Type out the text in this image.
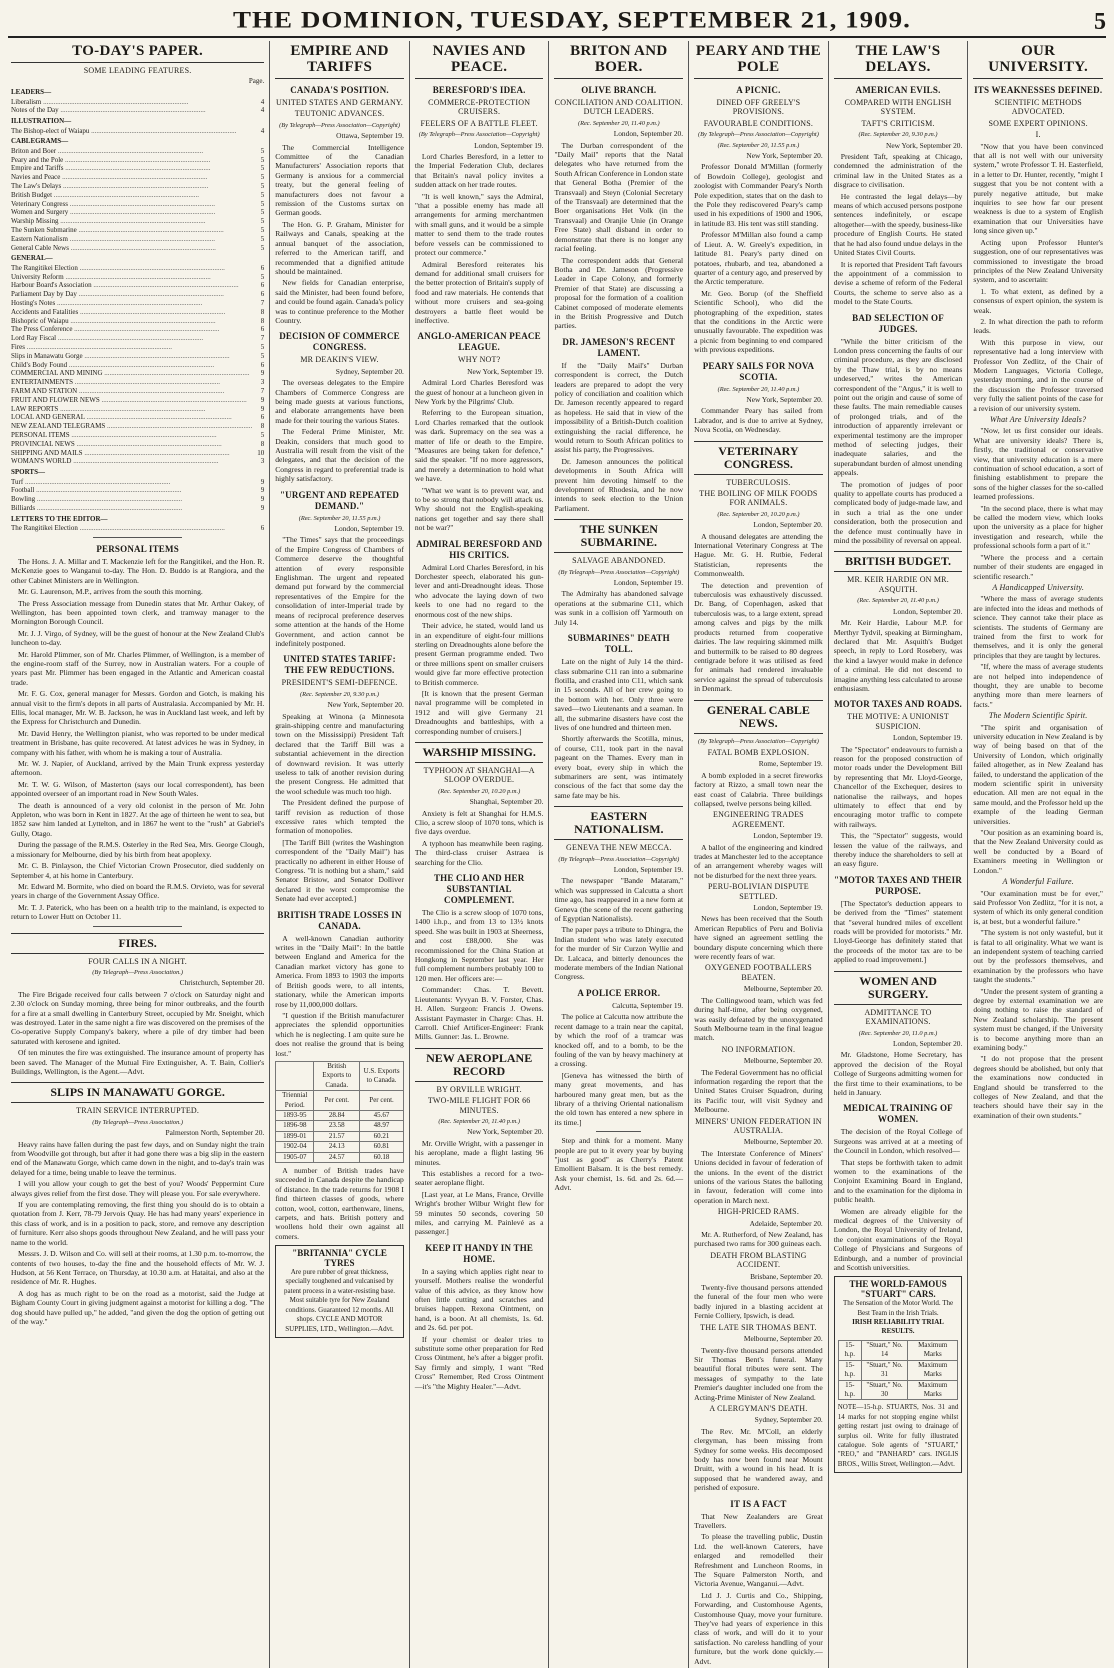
THE DOMINION, TUESDAY, SEPTEMBER 21, 1909.	5
TO-DAY'S PAPER.
SOME LEADING FEATURES.
Page.
LEADERS—
Liberalism .....	4
Notes of the Day .....	4
ILLUSTRATION—
The Bishop-elect of Waiapu .....	4
CABLEGRAMS—
Briton and Boer .....	5
Peary and the Pole .....	5
Empire and Tariffs .....	5
Navies and Peace .....	5
The Law's Delays .....	5
British Budget .....	5
Veterinary Congress .....	5
Women and Surgery .....	5
Warship Missing .....	5
The Sunken Submarine .....	5
Eastern Nationalism .....	5
General Cable News .....	5
GENERAL—
The Rangitikei Election .....	6
University Reform .....	5
Harbour Board's Association .....	6
Parliament Day by Day .....	6
Hosting's Notes .....	7
Accidents and Fatalities .....	8
Bishopric of Waiapu .....	8
The Press Conference .....	6
Lord Ray Fiscal .....	7
Fires .....	5
Slips in Manawatu Gorge .....	5
Child's Body Found .....	6
COMMERCIAL AND MINING .....	9
ENTERTAINMENTS .....	3
FARM AND STATION .....	7
FRUIT AND FLOWER NEWS .....	9
LAW REPORTS .....	9
LOCAL AND GENERAL .....	6
NEW ZEALAND TELEGRAMS .....	8
PERSONAL ITEMS .....	5
PROVINCIAL NEWS .....	8
SHIPPING AND MAILS .....	10
WOMAN'S WORLD .....	3
SPORTS—
Turf .....	9
Football .....	9
Bowling .....	9
Billiards .....	9
LETTERS TO THE EDITOR—
The Rangitikei Election .....	6
PERSONAL ITEMS

The Hons. J. A. Millar and T. Mackenzie left for the Rangitikei, and the Hon. R. McKenzie goes to Wanganui to-day. The Hon. D. Buddo is at Rangiora, and the other Cabinet Ministers are in Wellington.

Mr. G. Laurenson, M.P., arrives from the south this morning.

The Press Association message from Dunedin states that Mr. Arthur Oakey, of Wellington, has been appointed town clerk, and tramway manager to the Mornington Borough Council.

Mr. J. J. Virgo, of Sydney, will be the guest of honour at the New Zealand Club's luncheon to-day.

Mr. Harold Plimmer, son of Mr. Charles Plimmer, of Wellington, is a member of the engine-room staff of the Surrey, now in Australian waters. For a couple of years past Mr. Plimmer has been engaged in the Atlantic and American coastal trade.

Mr. F. G. Cox, general manager for Messrs. Gordon and Gotch, is making his annual visit to the firm's depots in all parts of Australasia. Accompanied by Mr. H. Ellis, local manager, Mr. W. B. Jackson, he was in Auckland last week, and left by the Express for Christchurch and Dunedin.

Mr. David Henry, the Wellington pianist, who was reported to be under medical treatment in Brisbane, has quite recovered. At latest advices he was in Sydney, in company with his father, with whom he is making a tour of Australia.

Mr. W. J. Napier, of Auckland, arrived by the Main Trunk express yesterday afternoon.

Mr. T. W. G. Wilson, of Masterton (says our local correspondent), has been appointed overseer of an important road in New South Wales.

The death is announced of a very old colonist in the person of Mr. John Appleton, who was born in Kent in 1827. At the age of thirteen he went to sea, but 1852 saw him landed at Lyttelton, and in 1867 he went to the "rush" at Gabriel's Gully, Otago.

During the passage of the R.M.S. Osterley in the Red Sea, Mrs. George Clough, a missionary for Melbourne, died by his birth from heat apoplexy.

Mr. C. B. Pinlayson, the Chief Victorian Crown Prosecutor, died suddenly on September 4, at his home in Canterbury.

Mr. Edward M. Bormite, who died on board the R.M.S. Orvieto, was for several years in charge of the Government Assay Office.

Mr. T. J. Paterick, who has been on a health trip to the mainland, is expected to return to Lower Hutt on October 11.

FIRES.
FOUR CALLS IN A NIGHT.
(By Telegraph—Press Association.)
Christchurch, September 20.

The Fire Brigade received four calls between 7 o'clock on Saturday night and 2.30 o'clock on Sunday morning, three being for minor outbreaks, and the fourth for a fire at a small dwelling in Canterbury Street, occupied by Mr. Sneight, which was destroyed. Later in the same night a fire was discovered on the premises of the Co-operative Supply Company's bakery, where a pile of dry timber had been saturated with kerosene and ignited.

Of ten minutes the fire was extinguished. The insurance amount of property has been saved. The Manager of the Mutual Fire Extinguisher, A. T. Bain, Collier's Buildings, Wellington, is the Agent.—Advt.

SLIPS IN MANAWATU GORGE.
TRAIN SERVICE INTERRUPTED.
(By Telegraph—Press Association.)
Palmerston North, September 20.

Heavy rains have fallen during the past few days, and on Sunday night the train from Woodville got through, but after it had gone there was a big slip in the eastern end of the Manawatu Gorge, which came down in the night, and to-day's train was delayed for a time, being unable to leave the terminus.

I will you allow your cough to get the best of you? Woods' Peppermint Cure always gives relief from the first dose. They will please you. For sale everywhere.

If you are contemplating removing, the first thing you should do is to obtain a quotation from J. Kerr, 78-79 Jervois Quay. He has had many years' experience in this class of work, and is in a position to pack, store, and remove any description of furniture. Kerr also shops goods throughout New Zealand, and he will pass your name to the world.

Messrs. J. D. Wilson and Co. will sell at their rooms, at 1.30 p.m. to-morrow, the contents of two houses, to-day the fine and the household effects of Mr. W. J. Hudson, at 56 Kent Terrace, on Thursday, at 10.30 a.m. at Hataitai, and also at the residence of Mr. R. Hughes.

A dog has as much right to be on the road as a motorist, said the Judge at Bigham County Court in giving judgment against a motorist for killing a dog. "The dog should have pulled up," he added, "and given the dog the option of getting out of the way."

EMPIRE AND TARIFFS
CANADA'S POSITION.
UNITED STATES AND GERMANY.
TEUTONIC ADVANCES.
(By Telegraph—Press Association—Copyright)
Ottawa, September 19.

The Commercial Intelligence Committee of the Canadian Manufacturers' Association reports that Germany is anxious for a commercial treaty, but the general feeling of manufacturers does not favour a remission of the Customs surtax on German goods.

The Hon. G. P. Graham, Minister for Railways and Canals, speaking at the annual banquet of the association, referred to the American tariff, and recommended that a dignified attitude should be maintained.

New fields for Canadian enterprise, said the Minister, had been found before, and could be found again. Canada's policy was to continue preference to the Mother Country.

DECISION OF COMMERCE CONGRESS.
MR DEAKIN'S VIEW.
Sydney, September 20.

The overseas delegates to the Empire Chambers of Commerce Congress are being made guests at various functions, and elaborate arrangements have been made for their touring the various States.

The Federal Prime Minister, Mr. Deakin, considers that much good to Australia will result from the visit of the delegates, and that the decision of the Congress in regard to preferential trade is highly satisfactory.

"URGENT AND REPEATED DEMAND."
(Rec. September 20, 11.55 p.m.)
London, September 19.

"The Times" says that the proceedings of the Empire Congress of Chambers of Commerce deserve the thoughtful attention of every responsible Englishman. The urgent and repeated demand put forward by the commercial representatives of the Empire for the consolidation of inter-Imperial trade by means of reciprocal preference deserves some attention at the hands of the Home Government, and action cannot be indefinitely postponed.

UNITED STATES TARIFF: THE FEW REDUCTIONS.
PRESIDENT'S SEMI-DEFENCE.
(Rec. September 20, 9.30 p.m.)
New York, September 20.

Speaking at Winona (a Minnesota grain-shipping centre and manufacturing town on the Mississippi) President Taft declared that the Tariff Bill was a substantial achievement in the direction of downward revision. It was utterly useless to talk of another revision during the present Congress. He admitted that the wool schedule was much too high.

The President defined the purpose of tariff revision as reduction of those excessive rates which tempted the formation of monopolies.

[The Tariff Bill (writes the Washington correspondent of the "Daily Mail") has practically no adherent in either House of Congress. "It is nothing but a sham," said Senator Bristow, and Senator Dolliver declared it the worst compromise the Senate had ever accepted.]

BRITISH TRADE LOSSES IN CANADA.

A well-known Canadian authority writes in the "Daily Mail": In the battle between England and America for the Canadian market victory has gone to America. From 1893 to 1903 the imports of British goods were, to all intents, stationary, while the American imports rose by 11,000,000 dollars.

"I question if the British manufacturer appreciates the splendid opportunities which he is neglecting. I am quite sure he does not realise the ground that is being lost."

	British Exports to Canada.	U.S. Exports to Canada.
Triennial Period.	Per cent.	Per cent.
1893-95	28.84	45.67
1896-98	23.58	48.97
1899-01	21.57	60.21
1902-04	24.13	60.81
1905-07	24.57	60.18

A number of British trades have succeeded in Canada despite the handicap of distance. In the trade returns for 1908 I find thirteen classes of goods, where cotton, wool, cotton, earthenware, linens, carpets, and hats. British pottery and woollens hold their own against all comers.

"BRITANNIA" CYCLE TYRES
Are pure rubber of great thickness, specially toughened and vulcanised by patent process in a water-resisting base. Most suitable tyre for New Zealand conditions. Guaranteed 12 months. All shops. CYCLE AND MOTOR SUPPLIES, LTD., Wellington.—Advt.
NAVIES AND PEACE.
BERESFORD'S IDEA.
COMMERCE-PROTECTION CRUISERS.
FEELERS OF A BATTLE FLEET.
(By Telegraph—Press Association—Copyright)
London, September 19.

Lord Charles Beresford, in a letter to the Imperial Federation Club, declares that Britain's naval policy invites a sudden attack on her trade routes.

"It is well known," says the Admiral, "that a possible enemy has made all arrangements for arming merchantmen with small guns, and it would be a simple matter to send them to the trade routes before vessels can be commissioned to protect our commerce."

Admiral Beresford reiterates his demand for additional small cruisers for the better protection of Britain's supply of food and raw materials. He contends that without more cruisers and sea-going destroyers a battle fleet would be ineffective.

ANGLO-AMERICAN PEACE LEAGUE.
WHY NOT?
New York, September 19.

Admiral Lord Charles Beresford was the guest of honour at a luncheon given in New York by the Pilgrims' Club.

Referring to the European situation, Lord Charles remarked that the outlook was dark. Supremacy on the sea was a matter of life or death to the Empire. "Measures are being taken for defence," said the speaker. "If no more aggressors, and merely a determination to hold what we have.

"What we want is to prevent war, and to be so strong that nobody will attack us. Why should not the English-speaking nations get together and say there shall not be war?"

ADMIRAL BERESFORD AND HIS CRITICS.

Admiral Lord Charles Beresford, in his Dorchester speech, elaborated his gun-lever and anti-Dreadnought ideas. Those who advocate the laying down of two keels to one had no regard to the enormous cost of the new ships.

Their advice, he stated, would land us in an expenditure of eight-four millions sterling on Dreadnoughts alone before the present German programme ended. Two or three millions spent on smaller cruisers would give far more effective protection to British commerce.

[It is known that the present German naval programme will be completed in 1912 and will give Germany 21 Dreadnoughts and battleships, with a corresponding number of cruisers.]

WARSHIP MISSING.
TYPHOON AT SHANGHAI—A SLOOP OVERDUE.
(Rec. September 20, 10.20 p.m.)
Shanghai, September 20.

Anxiety is felt at Shanghai for H.M.S. Clio, a screw sloop of 1070 tons, which is five days overdue.

A typhoon has meanwhile been raging. The third-class cruiser Astraea is searching for the Clio.

THE CLIO AND HER SUBSTANTIAL COMPLEMENT.

The Clio is a screw sloop of 1070 tons, 1400 i.h.p., and from 13 to 13½ knots speed. She was built in 1903 at Sheerness, and cost £88,000. She was recommissioned for the China Station at Hongkong in September last year. Her full complement numbers probably 100 to 120 men. Her officers are:—

Commander: Chas. T. Bevett. Lieutenants: Vyvyan B. V. Forster, Chas. H. Allen. Surgeon: Francis J. Owens. Assistant Paymaster in Charge: Chas. H. Carroll. Chief Artificer-Engineer: Frank Mills. Gunner: Jas. L. Browne.

NEW AEROPLANE RECORD
BY ORVILLE WRIGHT.
TWO-MILE FLIGHT FOR 66 MINUTES.
(Rec. September 20, 11.40 p.m.)
New York, September 20.

Mr. Orville Wright, with a passenger in his aeroplane, made a flight lasting 96 minutes.

This establishes a record for a two-seater aeroplane flight.

[Last year, at Le Mans, France, Orville Wright's brother Wilbur Wright flew for 59 minutes 50 seconds, covering 50 miles, and carrying M. Painlevé as a passenger.]

KEEP IT HANDY IN THE HOME.

In a saying which applies right near to yourself. Mothers realise the wonderful value of this advice, as they know how often little cutting and scratches and bruises happen. Rexona Ointment, on hand, is a boon. At all chemists, 1s. 6d. and 2s. 6d. per pot.

If your chemist or dealer tries to substitute some other preparation for Red Cross Ointment, he's after a bigger profit. Say firmly and simply, I want "Red Cross" Remember, Red Cross Ointment—it's "the Mighty Healer."—Advt.

BRITON AND BOER.
OLIVE BRANCH.
CONCILIATION AND COALITION. DUTCH LEADERS.
(Rec. September 20, 11.40 p.m.)
London, September 20.

The Durban correspondent of the "Daily Mail" reports that the Natal delegates who have returned from the South African Conference in London state that General Botha (Premier of the Transvaal) and Steyn (Colonial Secretary of the Transvaal) are determined that the Boer organisations Het Volk (in the Transvaal) and Oranjie Unie (in Orange Free State) shall disband in order to demonstrate that there is no longer any racial feeling.

The correspondent adds that General Botha and Dr. Jameson (Progressive Leader in Cape Colony, and formerly Premier of that State) are discussing a proposal for the formation of a coalition Cabinet composed of moderate elements in the British Progressive and Dutch parties.

DR. JAMESON'S RECENT LAMENT.

If the "Daily Mail's" Durban correspondent is correct, the Dutch leaders are prepared to adopt the very policy of conciliation and coalition which Dr. Jameson recently appeared to regard as hopeless. He said that in view of the impossibility of a British-Dutch coalition extinguishing the racial difference, he would return to South African politics to assist his party, the Progressives.

Dr. Jameson announces the political developments in South Africa will prevent him devoting himself to the development of Rhodesia, and he now intends to seek election to the Union Parliament.

THE SUNKEN SUBMARINE.
SALVAGE ABANDONED.
(By Telegraph—Press Association—Copyright)
London, September 19.

The Admiralty has abandoned salvage operations at the submarine C11, which was sunk in a collision off Yarmouth on July 14.

SUBMARINES" DEATH TOLL.

Late on the night of July 14 the third-class submarine C11 ran into a submarine flotilla, and crashed into C11, which sank in 15 seconds. All of her crew going to the bottom with her. Only three were saved—two Lieutenants and a seaman. In all, the submarine disasters have cost the lives of one hundred and thirteen men.

Shortly afterwards the Scotilla, minus, of course, C11, took part in the naval pageant on the Thames. Every man in every boat, every ship in which the submariners are sent, was intimately conscious of the fact that some day the same fate may be his.

EASTERN NATIONALISM.
GENEVA THE NEW MECCA.
(By Telegraph—Press Association—Copyright)
London, September 19.

The newspaper "Bande Mataram," which was suppressed in Calcutta a short time ago, has reappeared in a new form at Geneva (the scene of the recent gathering of Egyptian Nationalists).

The paper pays a tribute to Dhingra, the Indian student who was lately executed for the murder of Sir Curzon Wyllie and Dr. Lalcaca, and bitterly denounces the moderate members of the Indian National Congress.

A POLICE ERROR.
Calcutta, September 19.

The police at Calcutta now attribute the recent damage to a train near the capital, by which the roof of a tramcar was knocked off, and to a bomb, to be the fouling of the van by heavy machinery at a crossing.

[Geneva has witnessed the birth of many great movements, and has harboured many great men, but as the library of a thriving Oriental nationalism the old town has entered a new sphere in its time.]

Step and think for a moment. Many people are put to it every year by buying "just as good" as Cherry's Patent Emollient Balsam. It is the best remedy. Ask your chemist, 1s. 6d. and 2s. 6d.—Advt.

PEARY AND THE POLE
A PICNIC.
DINED OFF GREELY'S PROVISIONS.
FAVOURABLE CONDITIONS.
(By Telegraph—Press Association—Copyright)
(Rec. September 20, 11.55 p.m.)
New York, September 20.

Professor Donald M'Millan (formerly of Bowdoin College), geologist and zoologist with Commander Peary's North Pole expedition, states that on the dash to the Pole they rediscovered Peary's camp used in his expeditions of 1900 and 1906, in latitude 83. His tent was still standing.

Professor M'Millan also found a camp of Lieut. A. W. Greely's expedition, in latitude 81. Peary's party dined on potatoes, rhubarb, and tea, abandoned a quarter of a century ago, and preserved by the Arctic temperature.

Mr. Geo. Borup (of the Sheffield Scientific School), who did the photographing of the expedition, states that the conditions in the Arctic were unusually favourable. The expedition was a picnic from beginning to end compared with previous expeditions.

PEARY SAILS FOR NOVA SCOTIA.
(Rec. September 20, 11.40 p.m.)
New York, September 20.

Commander Peary has sailed from Labrador, and is due to arrive at Sydney, Nova Scotia, on Wednesday.

VETERINARY CONGRESS.
TUBERCULOSIS.
THE BOILING OF MILK FOODS FOR ANIMALS.
(Rec. September 20, 10.20 p.m.)
London, September 20.

A thousand delegates are attending the International Veterinary Congress at The Hague. Mr. G. H. Rutbie, Federal Statistician, represents the Commonwealth.

The detection and prevention of tuberculosis was exhaustively discussed. Dr. Bang, of Copenhagen, asked that tuberculosis was, to a large extent, spread among calves and pigs by the milk products returned from cooperative dairies. The law requiring skimmed milk and buttermilk to be raised to 80 degrees centigrade before it was utilised as feed for animals had rendered invaluable service against the spread of tuberculosis in Denmark.

GENERAL CABLE NEWS.
(By Telegraph—Press Association—Copyright)
FATAL BOMB EXPLOSION.
Rome, September 19.

A bomb exploded in a secret fireworks factory at Rizzo, a small town near the east coast of Calabria. Three buildings collapsed, twelve persons being killed.

ENGINEERING TRADES AGREEMENT.
London, September 19.

A ballot of the engineering and kindred trades at Manchester led to the acceptance of an arrangement whereby wages will not be disturbed for the next three years.

PERU-BOLIVIAN DISPUTE SETTLED.
London, September 19.

News has been received that the South American Republics of Peru and Bolivia have signed an agreement settling the boundary dispute concerning which there were recently fears of war.

OXYGENED FOOTBALLERS BEATEN.
Melbourne, September 20.

The Collingwood team, which was fed during half-time, after being oxygened, was easily defeated by the unoxygenated South Melbourne team in the final league match.

NO INFORMATION.
Melbourne, September 20.

The Federal Government has no official information regarding the report that the United States Cruiser Squadron, during its Pacific tour, will visit Sydney and Melbourne.

MINERS' UNION FEDERATION IN AUSTRALIA.
Melbourne, September 20.

The Interstate Conference of Miners' Unions decided in favour of federation of the unions. In the event of the district unions of the various States the balloting in favour, federation will come into operation in March next.

HIGH-PRICED RAMS.
Adelaide, September 20.

Mr. A. Rutherford, of New Zealand, has purchased two rams for 300 guineas each.

DEATH FROM BLASTING ACCIDENT.
Brisbane, September 20.

Twenty-five thousand persons attended the funeral of the four men who were badly injured in a blasting accident at Fernie Colliery, Ipswich, is dead.

THE LATE SIR THOMAS BENT.
Melbourne, September 20.

Twenty-five thousand persons attended Sir Thomas Bent's funeral. Many beautiful floral tributes were sent. The messages of sympathy to the late Premier's daughter included one from the Acting-Prime Minister of New Zealand.

A CLERGYMAN'S DEATH.
Sydney, September 20.

The Rev. Mr. M'Coll, an elderly clergyman, has been missing from Sydney for some weeks. His decomposed body has now been found near Mount Druitt, with a wound in his head. It is supposed that he wandered away, and perished of exposure.

IT IS A FACT

That New Zealanders are Great Travellers.

To please the travelling public, Dustin Ltd. the well-known Caterers, have enlarged and remodelled their Refreshment and Luncheon Rooms, in The Square Palmerston North, and Victoria Avenue, Wanganui.—Advt.

Ltd J. J. Curtis and Co., Shipping, Forwarding, and Customhouse Agents, Customhouse Quay, move your furniture. They've had years of experience in this class of work, and will do it to your satisfaction. No careless handling of your furniture, but the work done quickly.—Advt.

THE LAW'S DELAYS.
AMERICAN EVILS.
COMPARED WITH ENGLISH SYSTEM.
TAFT'S CRITICISM.
(Rec. September 20, 9.30 p.m.)
New York, September 20.

President Taft, speaking at Chicago, condemned the administration of the criminal law in the United States as a disgrace to civilisation.

He contrasted the legal delays—by means of which accused persons postpone sentences indefinitely, or escape altogether—with the speedy, business-like procedure of English Courts. He stated that he had also found undue delays in the United States Civil Courts.

It is reported that President Taft favours the appointment of a commission to devise a scheme of reform of the Federal Courts, the scheme to serve also as a model to the State Courts.

BAD SELECTION OF JUDGES.

"While the bitter criticism of the London press concerning the faults of our criminal procedure, as they are disclosed by the Thaw trial, is by no means undeserved," writes the American correspondent of the "Argus," it is well to point out the origin and cause of some of these faults. The main remediable causes of prolonged trials, and of the introduction of apparently irrelevant or experimental testimony are the improper method of selecting judges, their inadequate salaries, and the superabundant burden of almost unending appeals.

The promotion of judges of poor quality to appellate courts has produced a complicated body of judge-made law, and in such a trial as the one under consideration, both the prosecution and the defence must continually have in mind the possibility of reversal on appeal.

BRITISH BUDGET.
MR. KEIR HARDIE ON MR. ASQUITH.
(Rec. September 20, 11.40 p.m.)
London, September 20.

Mr. Keir Hardie, Labour M.P. for Merthyr Tydvil, speaking at Birmingham, declared that Mr. Asquith's Budget speech, in reply to Lord Rosebery, was the kind a lawyer would make in defence of a criminal. He did not descend to imagine anything less calculated to arouse enthusiasm.

MOTOR TAXES AND ROADS.
THE MOTIVE: A UNIONIST SUSPICION.
London, September 19.

The "Spectator" endeavours to furnish a reason for the proposed construction of motor roads under the Development Bill by representing that Mr. Lloyd-George, Chancellor of the Exchequer, desires to nationalise the railways, and hopes ultimately to effect that end by encouraging motor traffic to compete with railways.

This, the "Spectator" suggests, would lessen the value of the railways, and thereby induce the shareholders to sell at an easy figure.

"MOTOR TAXES AND THEIR PURPOSE.

[The Spectator's deduction appears to be derived from the "Times" statement that "several hundred miles of excellent roads will be provided for motorists." Mr. Lloyd-George has definitely stated that the proceeds of the motor tax are to be applied to road improvement.]

WOMEN AND SURGERY.
ADMITTANCE TO EXAMINATIONS.
(Rec. September 20, 11.0 p.m.)
London, September 20.

Mr. Gladstone, Home Secretary, has approved the decision of the Royal College of Surgeons admitting women for the first time to their examinations, to be held in January.

MEDICAL TRAINING OF WOMEN.

The decision of the Royal College of Surgeons was arrived at at a meeting of the Council in London, which resolved—

That steps be forthwith taken to admit women to the examinations of the Conjoint Examining Board in England, and to the examination for the diploma in public health.

Women are already eligible for the medical degrees of the University of London, the Royal University of Ireland, the conjoint examinations of the Royal College of Physicians and Surgeons of Edinburgh, and a number of provincial and Scottish universities.

THE WORLD-FAMOUS "STUART" CARS.
The Sensation of the Motor World. The Best Team in the Irish Trials.
IRISH RELIABILITY TRIAL RESULTS.
15-h.p.	"Stuart," No. 14	Maximum Marks
15-h.p.	"Stuart," No. 31	Maximum Marks
15-h.p.	"Stuart," No. 30	Maximum Marks
NOTE—15-h.p. STUARTS, Nos. 31 and 14 marks for not stopping engine whilst getting restart just owing to drainage of surplus oil. Write for fully illustrated catalogue. Sole agents of "STUART," "REO," and "PANHARD" cars. INGLIS BROS., Willis Street, Wellington.—Advt.
OUR UNIVERSITY.
ITS WEAKNESSES DEFINED.
SCIENTIFIC METHODS ADVOCATED.
SOME EXPERT OPINIONS.
I.

"Now that you have been convinced that all is not well with our university system," wrote Professor T. H. Easterfield, in a letter to Dr. Hunter, recently, "might I suggest that you be not content with a purely negative attitude, but make inquiries to see how far our present weakness is due to a system of English examination that our Universities have long since given up."

Acting upon Professor Hunter's suggestion, one of our representatives was commissioned to investigate the broad principles of the New Zealand University system, and to ascertain:

1. To what extent, as defined by a consensus of expert opinion, the system is weak.

2. In what direction the path to reform leads.

With this purpose in view, our representative had a long interview with Professor Von Zedlitz, of the Chair of Modern Languages, Victoria College, yesterday morning, and in the course of the discussion the Professor traversed very fully the salient points of the case for a revision of our university system.

What Are University Ideals?

"Now, let us first consider our ideals. What are university ideals? There is, firstly, the traditional or conservative view, that university education is a mere continuation of school education, a sort of finishing establishment to prepare the sons of the higher classes for the so-called learned professions.

"In the second place, there is what may be called the modern view, which looks upon the university as a place for higher investigation and research, while the professional schools form a part of it."

"Where the process and a certain number of their students are engaged in scientific research."

A Handicapped University.

"Where the mass of average students are infected into the ideas and methods of science. They cannot take their place as scientists. The students of Germany are trained from the first to work for themselves, and it is only the general principles that they are taught by lectures.

"If, where the mass of average students are not helped into independence of thought, they are unable to become anything more than mere learners of facts."

The Modern Scientific Spirit.

"The spirit and organisation of university education in New Zealand is by way of being based on that of the University of London, which originally failed altogether, as in New Zealand has failed, to understand the application of the modern scientific spirit in university education. All men are not equal in the same mould, and the Professor held up the example of the leading German universities.

"Our position as an examining board is, that the New Zealand University could as well be conducted by a Board of Examiners meeting in Wellington or London."

A Wonderful Failure.

"Our examination must be for ever," said Professor Von Zedlitz, "for it is not, a system of which its only general condition is, at best, but a wonderful failure."

"The system is not only wasteful, but it is fatal to all originality. What we want is an independent system of teaching carried out by the professors themselves, and examination by the professors who have taught the students."

"Under the present system of granting a degree by external examination we are doing nothing to raise the standard of New Zealand scholarship. The present system must be changed, if the University is to become anything more than an examining body."

"I do not propose that the present degrees should be abolished, but only that the examinations now conducted in England should be transferred to the colleges of New Zealand, and that the teachers should have their say in the examination of their own students."
